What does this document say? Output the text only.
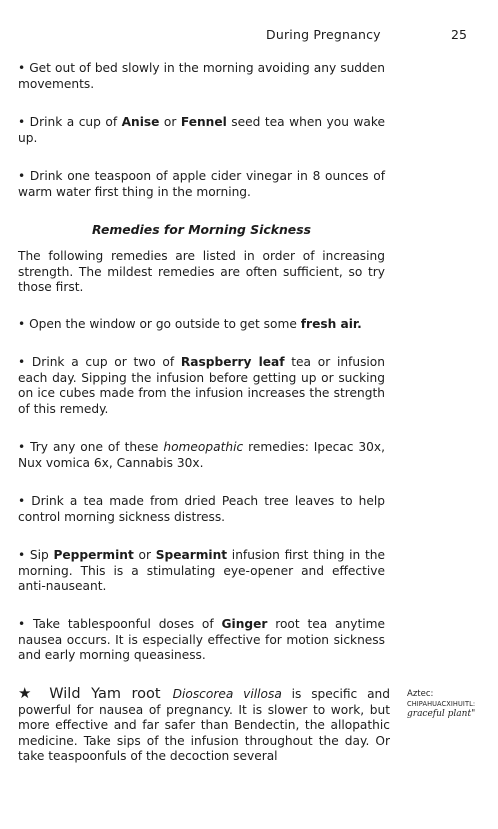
During Pregnancy	25

• Get out of bed slowly in the morning avoiding any sudden movements.

• Drink a cup of Anise or Fennel seed tea when you wake up.

• Drink one teaspoon of apple cider vinegar in 8 ounces of warm water first thing in the morning.

Remedies for Morning Sickness

The following remedies are listed in order of increasing strength. The mildest remedies are often sufficient, so try those first.

• Open the window or go outside to get some fresh air.

• Drink a cup or two of Raspberry leaf tea or infusion each day. Sipping the infusion before getting up or sucking on ice cubes made from the infusion increases the strength of this remedy.

• Try any one of these homeopathic remedies: Ipecac 30x, Nux vomica 6x, Cannabis 30x.

• Drink a tea made from dried Peach tree leaves to help control morning sickness distress.

• Sip Peppermint or Spearmint infusion first thing in the morning. This is a stimulating eye-opener and effective anti-nauseant.

• Take tablespoonful doses of Ginger root tea anytime nausea occurs. It is especially effective for motion sickness and early morning queasiness.

★ Wild Yam root Dioscorea villosa is specific and powerful for nausea of pregnancy. It is slower to work, but more effective and far safer than Bendectin, the allopathic medicine. Take sips of the infusion throughout the day. Or take teaspoonfuls of the decoction several

Aztec:
CHIPAHUACXIHUITL:
graceful plant"
